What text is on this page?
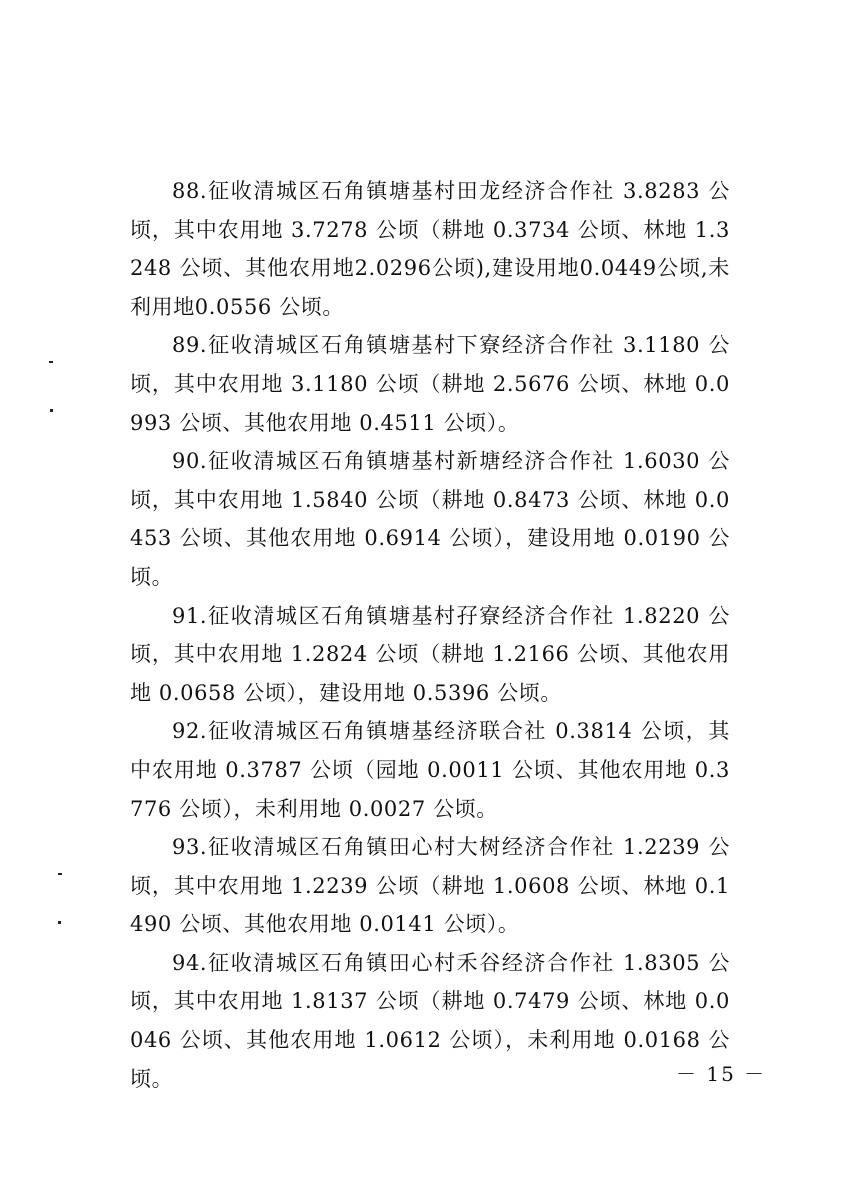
88.征收清城区石角镇塘基村田龙经济合作社 3.8283 公顷，其中农用地 3.7278 公顷（耕地 0.3734 公顷、林地 1.3248 公顷、其他农用地2.0296公顷),建设用地0.0449公顷,未利用地0.0556 公顷。

89.征收清城区石角镇塘基村下寮经济合作社 3.1180 公顷，其中农用地 3.1180 公顷（耕地 2.5676 公顷、林地 0.0993 公顷、其他农用地 0.4511 公顷）。

90.征收清城区石角镇塘基村新塘经济合作社 1.6030 公顷，其中农用地 1.5840 公顷（耕地 0.8473 公顷、林地 0.0453 公顷、其他农用地 0.6914 公顷），建设用地 0.0190 公顷。

91.征收清城区石角镇塘基村孖寮经济合作社 1.8220 公顷，其中农用地 1.2824 公顷（耕地 1.2166 公顷、其他农用地 0.0658 公顷），建设用地 0.5396 公顷。

92.征收清城区石角镇塘基经济联合社 0.3814 公顷，其中农用地 0.3787 公顷（园地 0.0011 公顷、其他农用地 0.3776 公顷），未利用地 0.0027 公顷。

93.征收清城区石角镇田心村大树经济合作社 1.2239 公顷，其中农用地 1.2239 公顷（耕地 1.0608 公顷、林地 0.1490 公顷、其他农用地 0.0141 公顷）。

94.征收清城区石角镇田心村禾谷经济合作社 1.8305 公顷，其中农用地 1.8137 公顷（耕地 0.7479 公顷、林地 0.0046 公顷、其他农用地 1.0612 公顷），未利用地 0.0168 公顷。	－ 15 －
